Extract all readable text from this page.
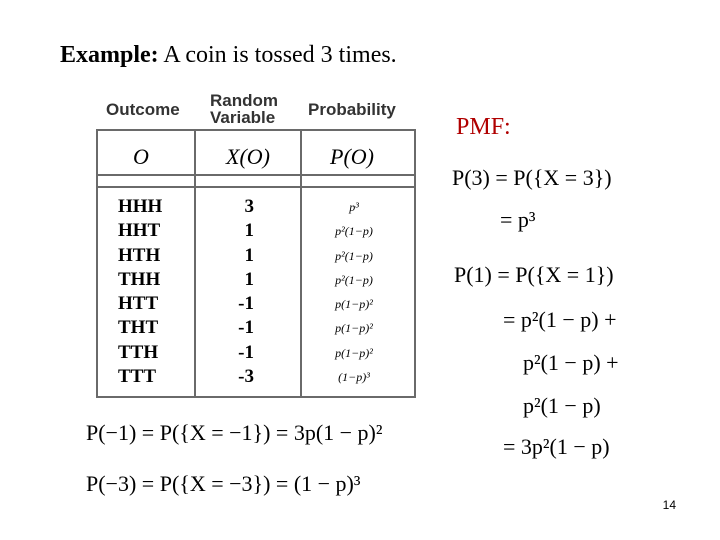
Example: A coin is tossed 3 times.
Outcome Random
Variable Probability
O	X(O)	P(O)
HHH
HHT
HTH
THH
HTT
THT
TTH
TTT
3
1
1
1
-1
-1
-1
-3
p³
p²(1−p)
p²(1−p)
p²(1−p)
p(1−p)²
p(1−p)²
p(1−p)²
(1−p)³
PMF:
P(3) = P({X = 3})
= p³
P(1) = P({X = 1})
= p²(1 − p) +
p²(1 − p) +
p²(1 − p)
= 3p²(1 − p)
P(−1) = P({X = −1}) = 3p(1 − p)²
P(−3) = P({X = −3}) = (1 − p)³
14
